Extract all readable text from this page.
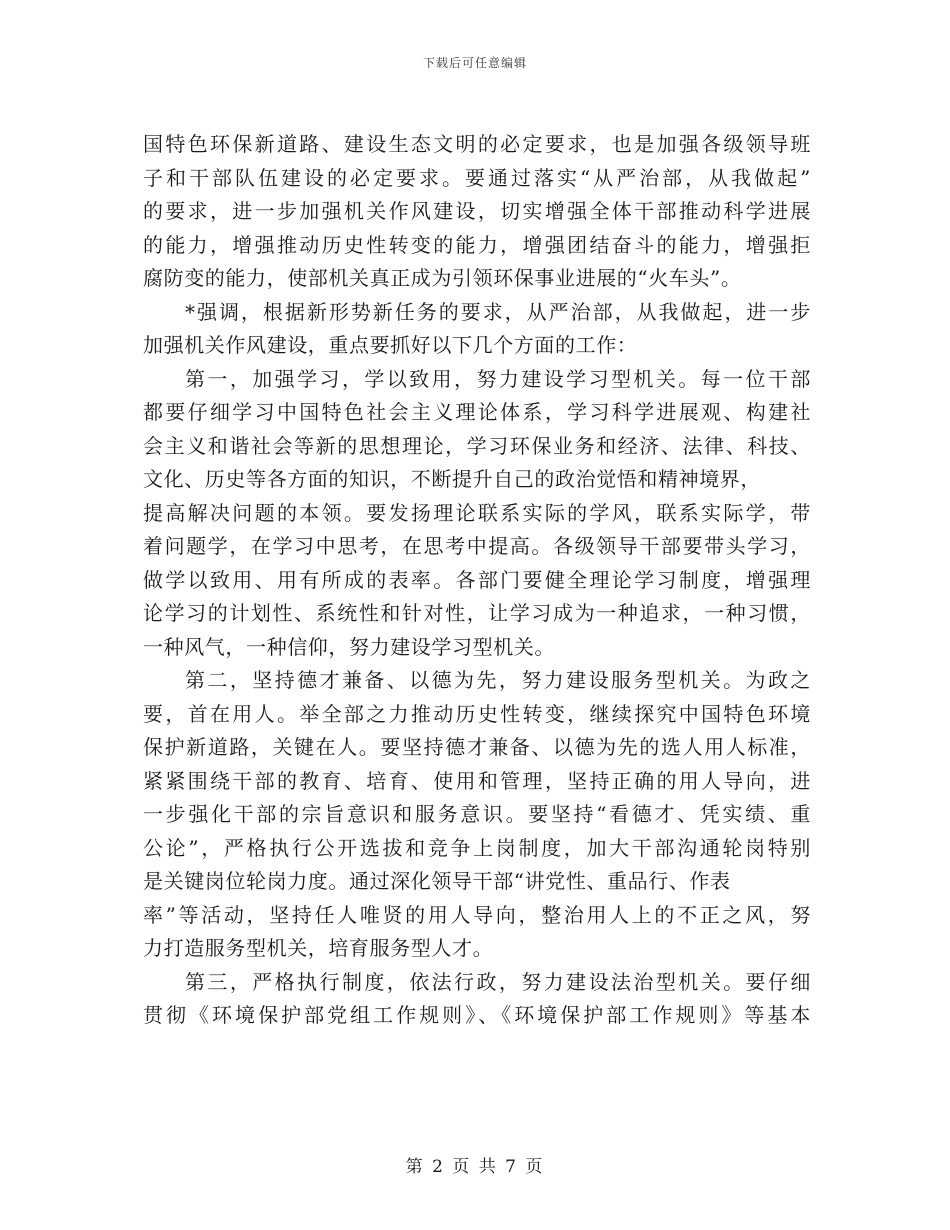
下载后可任意编辑
国特色环保新道路、建设生态文明的必定要求，也是加强各级领导班
子和干部队伍建设的必定要求。要通过落实“从严治部，从我做起”
的要求，进一步加强机关作风建设，切实增强全体干部推动科学进展
的能力，增强推动历史性转变的能力，增强团结奋斗的能力，增强拒
腐防变的能力，使部机关真正成为引领环保事业进展的“火车头”。
*强调，根据新形势新任务的要求，从严治部，从我做起，进一步
加强机关作风建设，重点要抓好以下几个方面的工作：
第一，加强学习，学以致用，努力建设学习型机关。每一位干部
都要仔细学习中国特色社会主义理论体系，学习科学进展观、构建社
会主义和谐社会等新的思想理论，学习环保业务和经济、法律、科技、
文化、历史等各方面的知识，不断提升自己的政治觉悟和精神境界，
提高解决问题的本领。要发扬理论联系实际的学风，联系实际学，带
着问题学，在学习中思考，在思考中提高。各级领导干部要带头学习，
做学以致用、用有所成的表率。各部门要健全理论学习制度，增强理
论学习的计划性、系统性和针对性，让学习成为一种追求，一种习惯，
一种风气，一种信仰，努力建设学习型机关。
第二，坚持德才兼备、以德为先，努力建设服务型机关。为政之
要，首在用人。举全部之力推动历史性转变，继续探究中国特色环境
保护新道路，关键在人。要坚持德才兼备、以德为先的选人用人标准，
紧紧围绕干部的教育、培育、使用和管理，坚持正确的用人导向，进
一步强化干部的宗旨意识和服务意识。要坚持“看德才、凭实绩、重
公论”，严格执行公开选拔和竞争上岗制度，加大干部沟通轮岗特别
是关键岗位轮岗力度。通过深化领导干部“讲党性、重品行、作表
率”等活动，坚持任人唯贤的用人导向，整治用人上的不正之风，努
力打造服务型机关，培育服务型人才。
第三，严格执行制度，依法行政，努力建设法治型机关。要仔细
贯彻《环境保护部党组工作规则》、《环境保护部工作规则》等基本
第 2 页 共 7 页
